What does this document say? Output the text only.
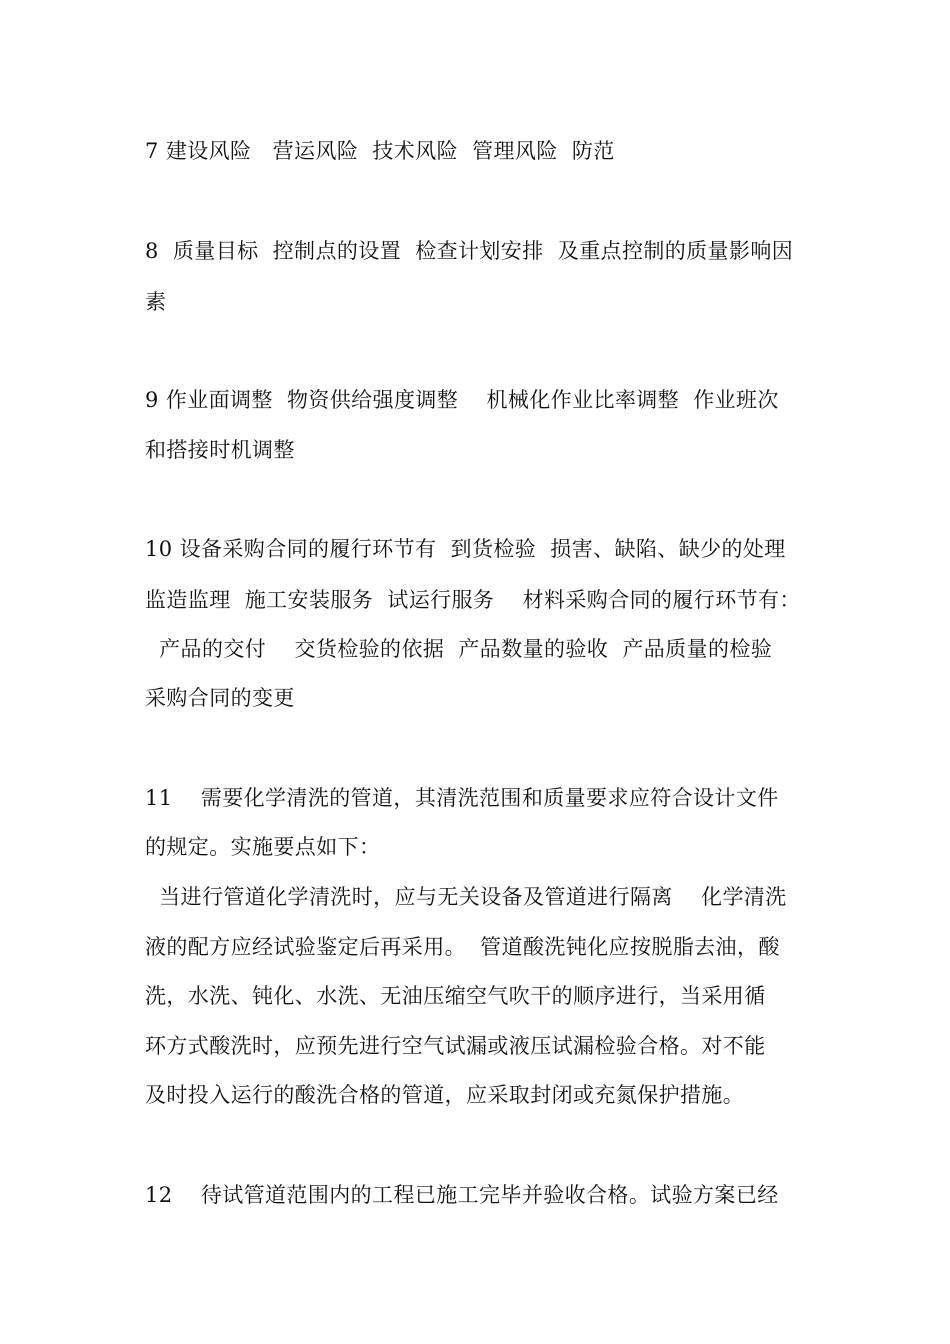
7 建设风险   营运风险  技术风险  管理风险  防范
8  质量目标  控制点的设置  检查计划安排  及重点控制的质量影响因
素
9 作业面调整  物资供给强度调整    机械化作业比率调整  作业班次
和搭接时机调整
10 设备采购合同的履行环节有  到货检验  损害、缺陷、缺少的处理
监造监理  施工安装服务  试运行服务    材料采购合同的履行环节有：
产品的交付    交货检验的依据  产品数量的验收  产品质量的检验
采购合同的变更
11    需要化学清洗的管道，其清洗范围和质量要求应符合设计文件
的规定。实施要点如下：
当进行管道化学清洗时，应与无关设备及管道进行隔离    化学清洗
液的配方应经试验鉴定后再采用。  管道酸洗钝化应按脱脂去油，酸
洗，水洗、钝化、水洗、无油压缩空气吹干的顺序进行，当采用循
环方式酸洗时，应预先进行空气试漏或液压试漏检验合格。对不能
及时投入运行的酸洗合格的管道，应采取封闭或充氮保护措施。
12    待试管道范围内的工程已施工完毕并验收合格。试验方案已经
